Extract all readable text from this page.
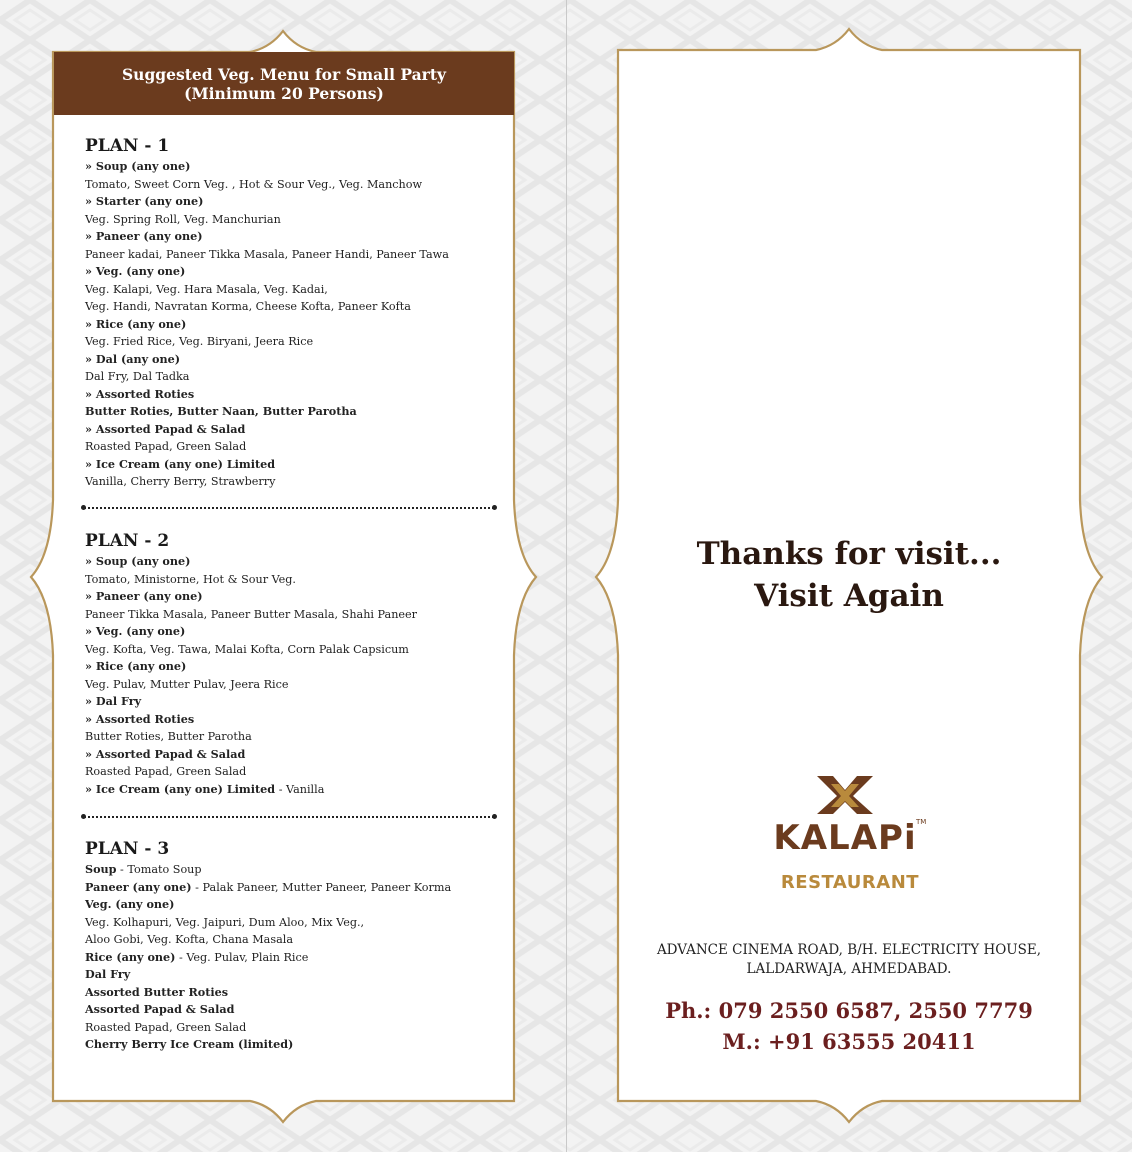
Suggested Veg. Menu for Small Party
(Minimum 20 Persons)
PLAN - 1
» Soup (any one)
Tomato, Sweet Corn Veg. , Hot & Sour Veg., Veg. Manchow
» Starter (any one)
Veg. Spring Roll, Veg. Manchurian
» Paneer (any one)
Paneer kadai, Paneer Tikka Masala, Paneer Handi, Paneer Tawa
» Veg. (any one)
Veg. Kalapi, Veg. Hara Masala, Veg. Kadai,
Veg. Handi, Navratan Korma, Cheese Kofta, Paneer Kofta
» Rice (any one)
Veg. Fried Rice, Veg. Biryani, Jeera Rice
» Dal (any one)
Dal Fry, Dal Tadka
» Assorted Roties
Butter Roties, Butter Naan, Butter Parotha
» Assorted Papad & Salad
Roasted Papad, Green Salad
» Ice Cream (any one) Limited
Vanilla, Cherry Berry, Strawberry
PLAN - 2
» Soup (any one)
Tomato, Ministorne, Hot & Sour Veg.
» Paneer (any one)
Paneer Tikka Masala, Paneer Butter Masala, Shahi Paneer
» Veg. (any one)
Veg. Kofta, Veg. Tawa, Malai Kofta, Corn Palak Capsicum
» Rice (any one)
Veg. Pulav, Mutter Pulav, Jeera Rice
» Dal Fry
» Assorted Roties
Butter Roties, Butter Parotha
» Assorted Papad & Salad
Roasted Papad, Green Salad
» Ice Cream (any one) Limited - Vanilla
PLAN - 3
Soup - Tomato Soup
Paneer (any one) - Palak Paneer, Mutter Paneer, Paneer Korma
Veg. (any one)
Veg. Kolhapuri, Veg. Jaipuri, Dum Aloo, Mix Veg.,
Aloo Gobi, Veg. Kofta, Chana Masala
Rice (any one) - Veg. Pulav, Plain Rice
Dal Fry
Assorted Butter Roties
Assorted Papad & Salad
Roasted Papad, Green Salad
Cherry Berry Ice Cream (limited)
Thanks for visit...
Visit Again
KALAPi TM
RESTAURANT
ADVANCE CINEMA ROAD, B/H. ELECTRICITY HOUSE,
LALDARWAJA, AHMEDABAD.
Ph.: 079 2550 6587, 2550 7779
M.: +91 63555 20411
